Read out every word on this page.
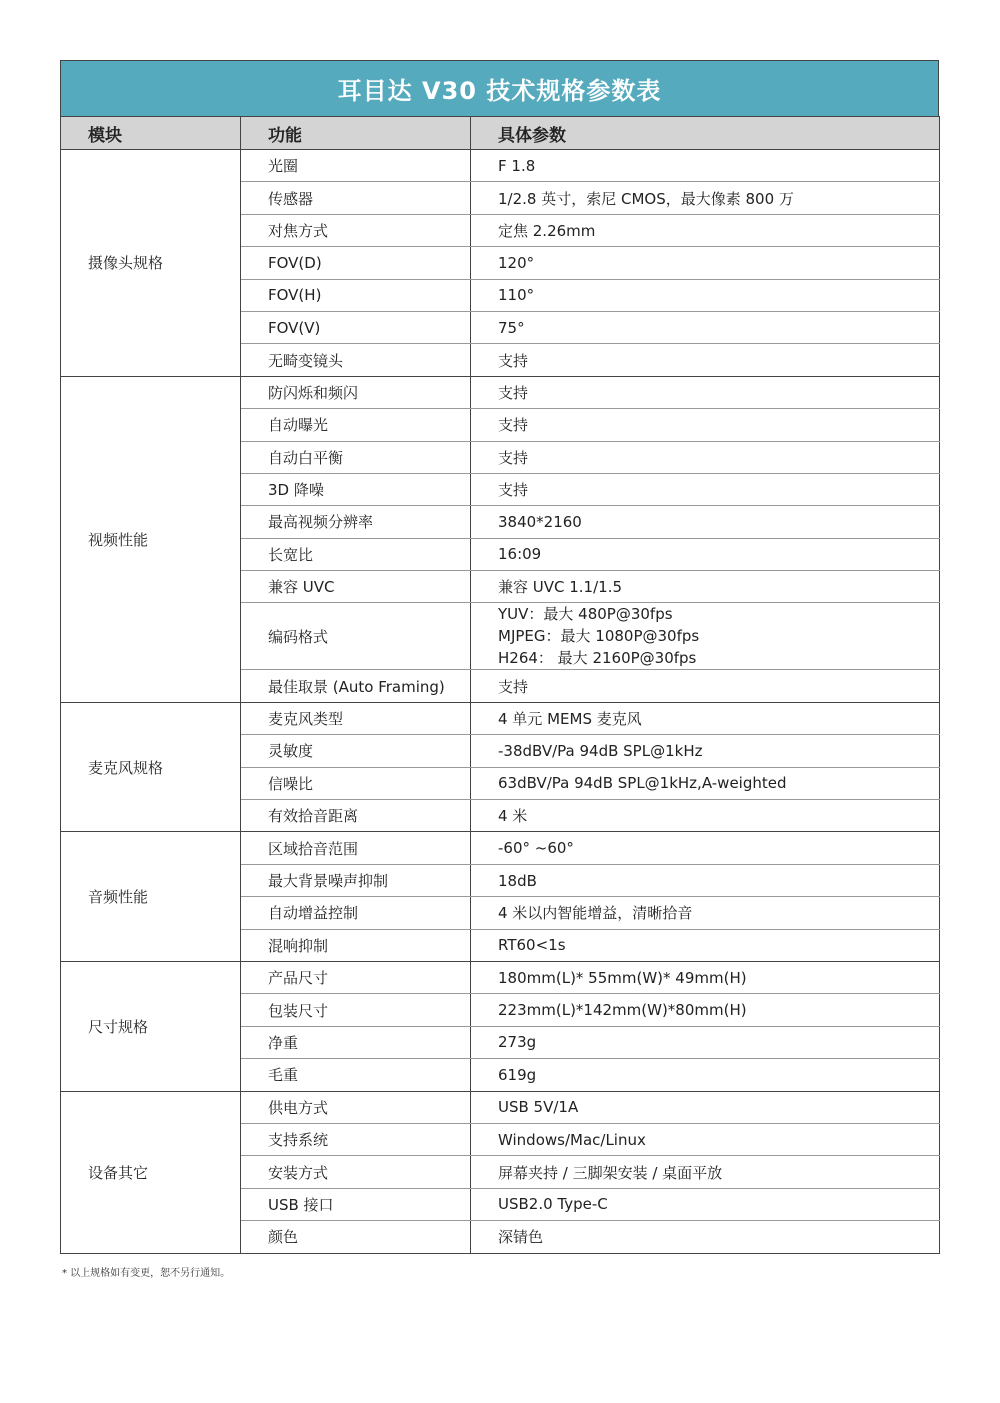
耳目达 V30 技术规格参数表
模块	功能	具体参数
摄像头规格	光圈	F 1.8
	传感器	1/2.8 英寸，索尼 CMOS，最大像素 800 万
	对焦方式	定焦 2.26mm
	FOV(D)	120°
	FOV(H)	110°
	FOV(V)	75°
	无畸变镜头	支持
视频性能	防闪烁和频闪	支持
	自动曝光	支持
	自动白平衡	支持
	3D 降噪	支持
	最高视频分辨率	3840*2160
	长宽比	16:09
	兼容 UVC	兼容 UVC 1.1/1.5
	编码格式	YUV：最大 480P@30fps
MJPEG：最大 1080P@30fps
H264： 最大 2160P@30fps

	最佳取景 (Auto Framing)	支持
麦克风规格	麦克风类型	4 单元 MEMS 麦克风
	灵敏度	-38dBV/Pa 94dB SPL@1kHz
	信噪比	63dBV/Pa 94dB SPL@1kHz,A-weighted
	有效拾音距离	4 米
音频性能	区域拾音范围	-60° ~60°
	最大背景噪声抑制	18dB
	自动增益控制	4 米以内智能增益，清晰拾音
	混响抑制	RT60<1s
尺寸规格	产品尺寸	180mm(L)* 55mm(W)* 49mm(H)
	包装尺寸	223mm(L)*142mm(W)*80mm(H)
	净重	273g
	毛重	619g
设备其它	供电方式	USB 5V/1A
	支持系统	Windows/Mac/Linux
	安装方式	屏幕夹持 / 三脚架安装 / 桌面平放
	USB 接口	USB2.0 Type-C
	颜色	深锖色
* 以上规格如有变更，恕不另行通知。
